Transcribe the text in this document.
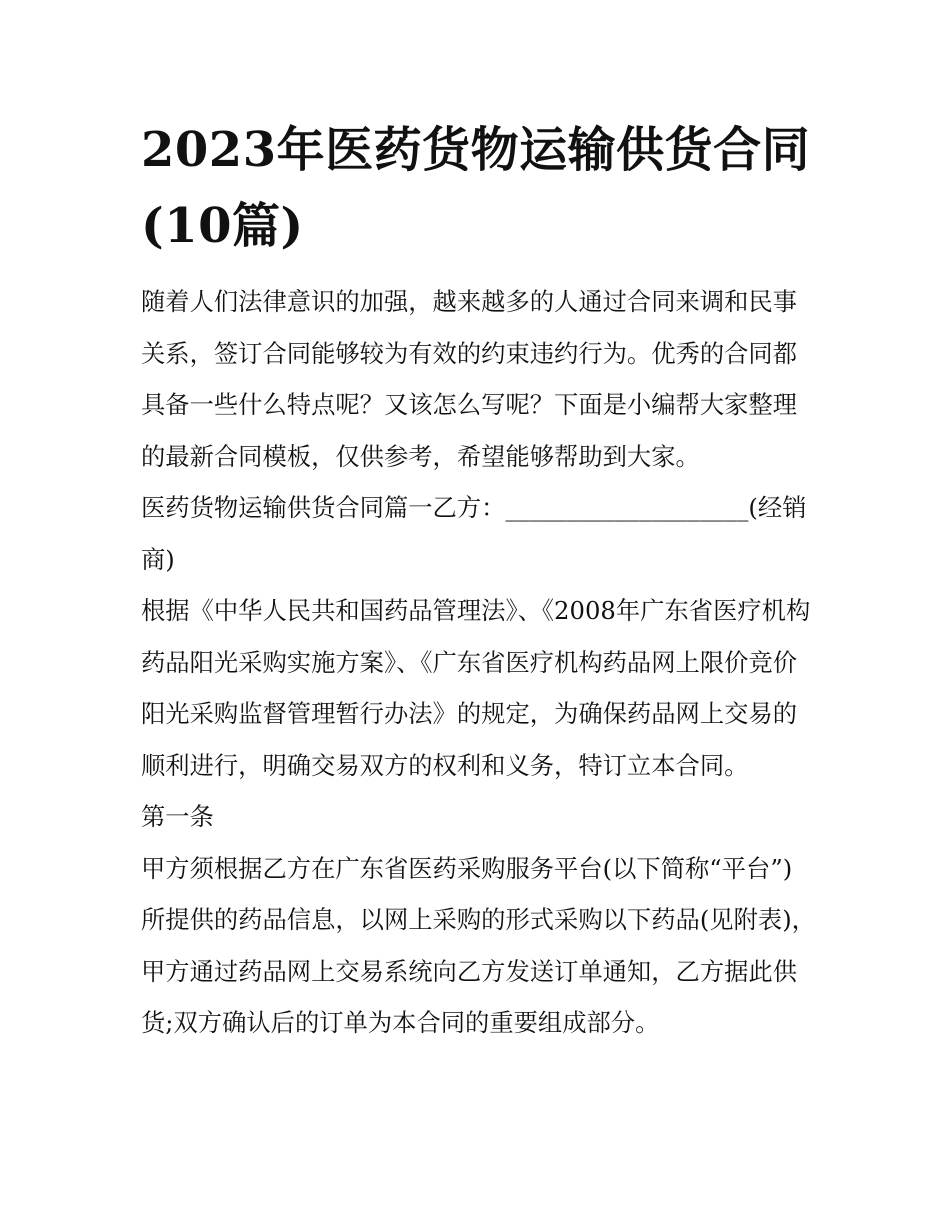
2023年医药货物运输供货合同(10篇)

随着人们法律意识的加强，越来越多的人通过合同来调和民事关系，签订合同能够较为有效的约束违约行为。优秀的合同都具备一些什么特点呢？又该怎么写呢？下面是小编帮大家整理的最新合同模板，仅供参考，希望能够帮助到大家。

医药货物运输供货合同篇一乙方：____________________(经销 商)

根据《中华人民共和国药品管理法》、《2008年广东省医疗机构药品阳光采购实施方案》、《广东省医疗机构药品网上限价竞价阳光采购监督管理暂行办法》的规定，为确保药品网上交易的顺利进行，明确交易双方的权利和义务，特订立本合同。

第一条

甲方须根据乙方在广东省医药采购服务平台(以下简称“平台”)所提供的药品信息，以网上采购的形式采购以下药品(见附表)，甲方通过药品网上交易系统向乙方发送订单通知，乙方据此供货;双方确认后的订单为本合同的重要组成部分。
